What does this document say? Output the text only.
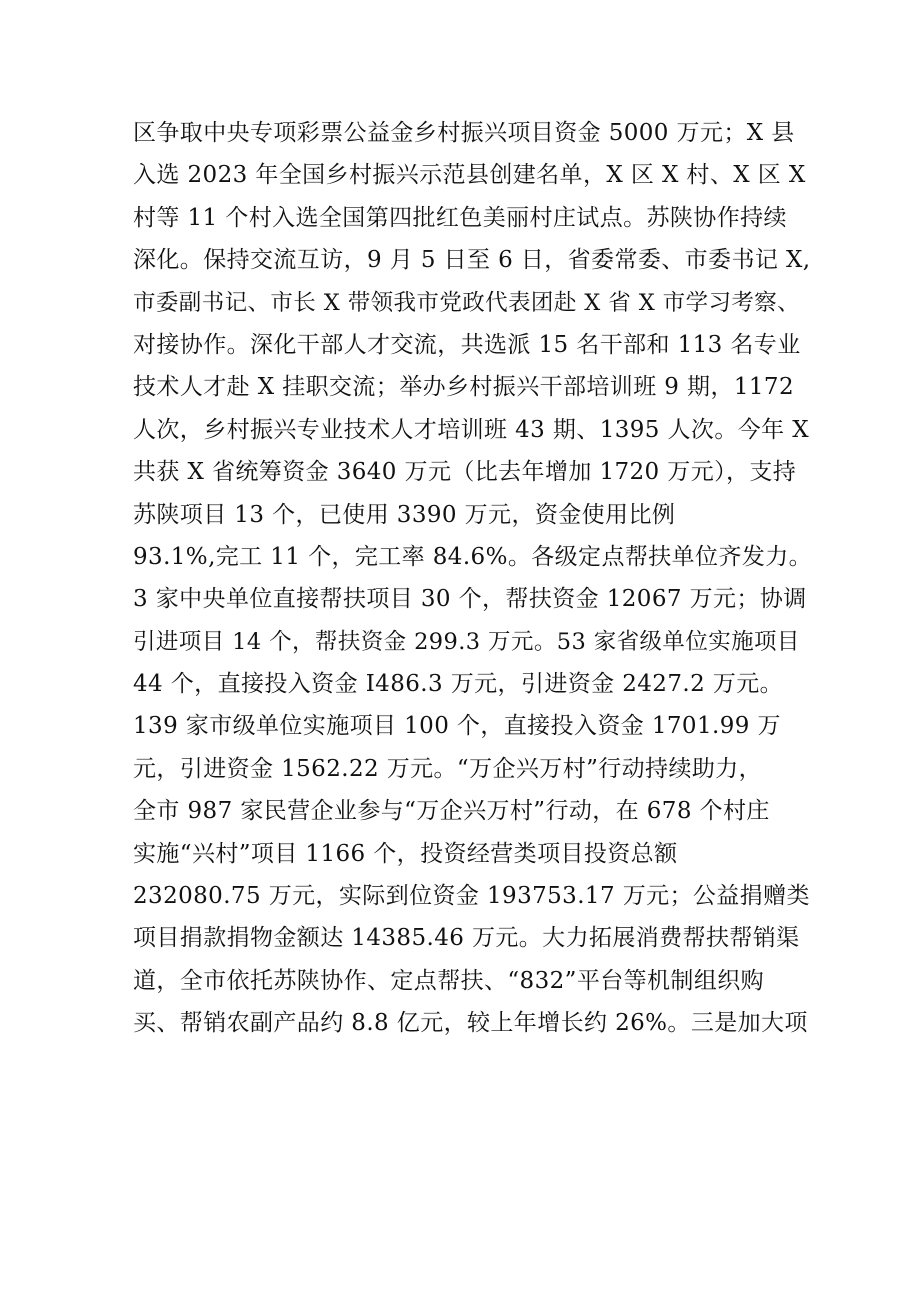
区争取中央专项彩票公益金乡村振兴项目资金 5000 万元；X 县
入选 2023 年全国乡村振兴示范县创建名单，X 区 X 村、X 区 X
村等 11 个村入选全国第四批红色美丽村庄试点。苏陕协作持续
深化。保持交流互访，9 月 5 日至 6 日，省委常委、市委书记 X,
市委副书记、市长 X 带领我市党政代表团赴 X 省 X 市学习考察、
对接协作。深化干部人才交流，共选派 15 名干部和 113 名专业
技术人才赴 X 挂职交流；举办乡村振兴干部培训班 9 期，1172
人次，乡村振兴专业技术人才培训班 43 期、1395 人次。今年 X
共获 X 省统筹资金 3640 万元（比去年增加 1720 万元），支持
苏陕项目 13 个，已使用 3390 万元，资金使用比例
93.1%,完工 11 个，完工率 84.6%。各级定点帮扶单位齐发力。
3 家中央单位直接帮扶项目 30 个，帮扶资金 12067 万元；协调
引进项目 14 个，帮扶资金 299.3 万元。53 家省级单位实施项目
44 个，直接投入资金 I486.3 万元，引进资金 2427.2 万元。
139 家市级单位实施项目 100 个，直接投入资金 1701.99 万
元，引进资金 1562.22 万元。“万企兴万村”行动持续助力，
全市 987 家民营企业参与“万企兴万村”行动，在 678 个村庄
实施“兴村”项目 1166 个，投资经营类项目投资总额
232080.75 万元，实际到位资金 193753.17 万元；公益捐赠类
项目捐款捐物金额达 14385.46 万元。大力拓展消费帮扶帮销渠
道，全市依托苏陕协作、定点帮扶、“832”平台等机制组织购
买、帮销农副产品约 8.8 亿元，较上年增长约 26%。三是加大项
